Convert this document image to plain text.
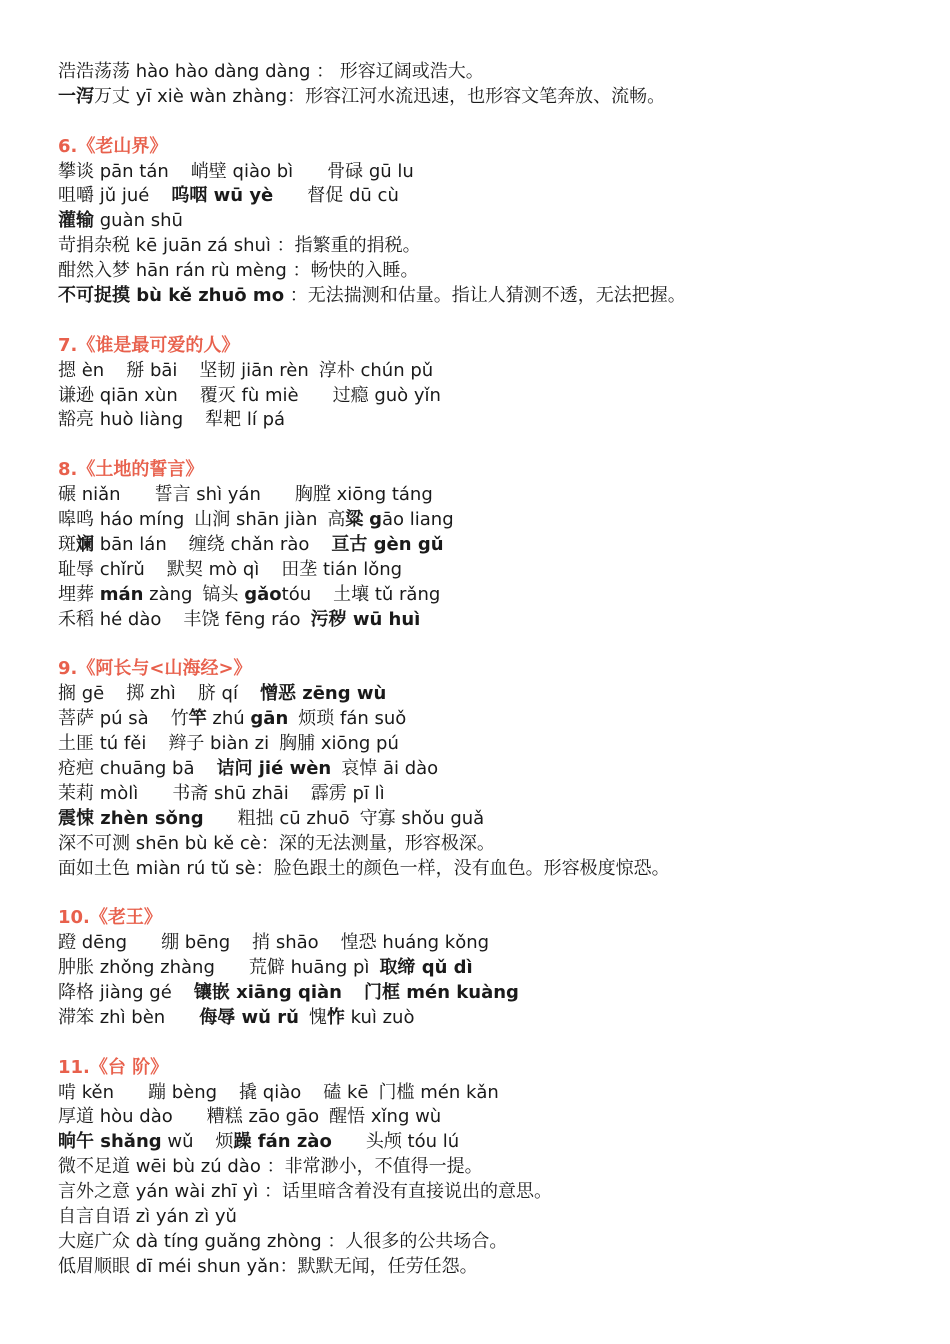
浩浩荡荡 hào hào dàng dàng ： 形容辽阔或浩大。
一泻万丈 yī xiè wàn zhàng：形容江河水流迅速，也形容文笔奔放、流畅。
6.《老山界》
攀谈 pān tán 峭壁 qiào bì 骨碌 gū lu
咀嚼 jǔ jué 呜咽 wū yè 督促 dū cù
灌输 guàn shū
苛捐杂税 kē juān zá shuì ：指繁重的捐税。
酣然入梦 hān rán rù mèng ：畅快的入睡。
不可捉摸 bù kě zhuō mo ：无法揣测和估量。指让人猜测不透，无法把握。
7.《谁是最可爱的人》
摁 èn 掰 bāi 坚韧 jiān rèn 淳朴 chún pǔ
谦逊 qiān xùn 覆灭 fù miè 过瘾 guò yǐn
豁亮 huò liàng 犁耙 lí pá
8.《土地的誓言》
碾 niǎn 誓言 shì yán 胸膛 xiōng táng
嗥鸣 háo míng 山涧 shān jiàn 高粱 gāo liang
斑斓 bān lán 缠绕 chǎn rào 亘古 gèn gǔ
耻辱 chǐrǔ 默契 mò qì 田垄 tián lǒng
埋葬 mán zàng 镐头 gǎotóu 土壤 tǔ rǎng
禾稻 hé dào 丰饶 fēng ráo 污秽 wū huì
9.《阿长与<山海经>》
搁 gē 掷 zhì 脐 qí 憎恶 zēng wù
菩萨 pú sà 竹竿 zhú gān 烦琐 fán suǒ
土匪 tú fěi 辫子 biàn zi 胸脯 xiōng pú
疮疤 chuāng bā 诘问 jié wèn 哀悼 āi dào
茉莉 mòlì 书斋 shū zhāi 霹雳 pī lì
震悚 zhèn sǒng 粗拙 cū zhuō 守寡 shǒu guǎ
深不可测 shēn bù kě cè：深的无法测量，形容极深。
面如土色 miàn rú tǔ sè：脸色跟土的颜色一样，没有血色。形容极度惊恐。
10.《老王》
蹬 dēng 绷 bēng 捎 shāo 惶恐 huáng kǒng
肿胀 zhǒng zhàng 荒僻 huāng pì 取缔 qǔ dì
降格 jiàng gé 镶嵌 xiāng qiàn 门框 mén kuàng
滞笨 zhì bèn 侮辱 wǔ rǔ 愧怍 kuì zuò
11.《台 阶》
啃 kěn 蹦 bèng 撬 qiào 磕 kē 门槛 mén kǎn
厚道 hòu dào 糟糕 zāo gāo 醒悟 xǐng wù
晌午 shǎng wǔ 烦躁 fán zào 头颅 tóu lú
微不足道 wēi bù zú dào ：非常渺小，不值得一提。
言外之意 yán wài zhī yì ：话里暗含着没有直接说出的意思。
自言自语 zì yán zì yǔ
大庭广众 dà tíng guǎng zhòng ：人很多的公共场合。
低眉顺眼 dī méi shun yǎn：默默无闻，任劳任怨。
